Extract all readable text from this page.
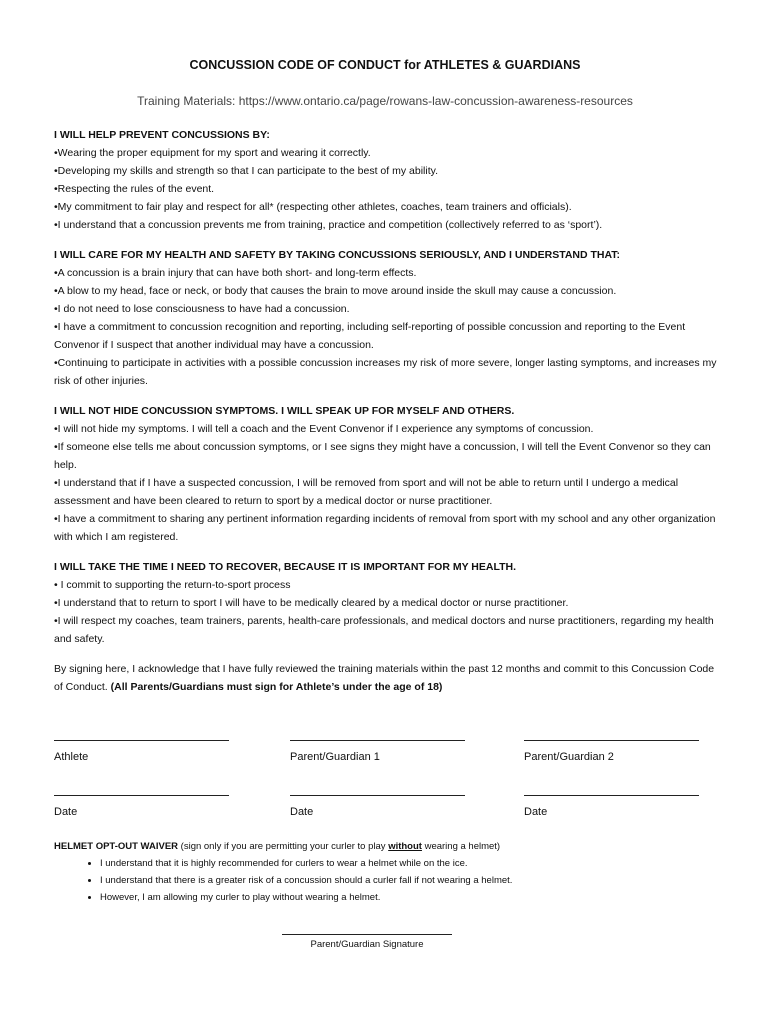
CONCUSSION CODE OF CONDUCT for ATHLETES & GUARDIANS
Training Materials: https://www.ontario.ca/page/rowans-law-concussion-awareness-resources
I WILL HELP PREVENT CONCUSSIONS BY:

•Wearing the proper equipment for my sport and wearing it correctly.

•Developing my skills and strength so that I can participate to the best of my ability.

•Respecting the rules of the event.

•My commitment to fair play and respect for all* (respecting other athletes, coaches, team trainers and officials).

•I understand that a concussion prevents me from training, practice and competition (collectively referred to as ‘sport’).

I WILL CARE FOR MY HEALTH AND SAFETY BY TAKING CONCUSSIONS SERIOUSLY, AND I UNDERSTAND THAT:

•A concussion is a brain injury that can have both short- and long-term effects.

•A blow to my head, face or neck, or body that causes the brain to move around inside the skull may cause a concussion.

•I do not need to lose consciousness to have had a concussion.

•I have a commitment to concussion recognition and reporting, including self-reporting of possible concussion and reporting to the Event Convenor if I suspect that another individual may have a concussion.

•Continuing to participate in activities with a possible concussion increases my risk of more severe, longer lasting symptoms, and increases my risk of other injuries.

I WILL NOT HIDE CONCUSSION SYMPTOMS. I WILL SPEAK UP FOR MYSELF AND OTHERS.

•I will not hide my symptoms. I will tell a coach and the Event Convenor if I experience any symptoms of concussion.

•If someone else tells me about concussion symptoms, or I see signs they might have a concussion, I will tell the Event Convenor so they can help.

•I understand that if I have a suspected concussion, I will be removed from sport and will not be able to return until I undergo a medical assessment and have been cleared to return to sport by a medical doctor or nurse practitioner.

•I have a commitment to sharing any pertinent information regarding incidents of removal from sport with my school and any other organization with which I am registered.

I WILL TAKE THE TIME I NEED TO RECOVER, BECAUSE IT IS IMPORTANT FOR MY HEALTH.

• I commit to supporting the return-to-sport process

•I understand that to return to sport I will have to be medically cleared by a medical doctor or nurse practitioner.

•I will respect my coaches, team trainers, parents, health-care professionals, and medical doctors and nurse practitioners, regarding my health and safety.

By signing here, I acknowledge that I have fully reviewed the training materials within the past 12 months and commit to this Concussion Code of Conduct. (All Parents/Guardians must sign for Athlete’s under the age of 18)

Athlete	Parent/Guardian 1	Parent/Guardian 2
Date	Date	Date
HELMET OPT-OUT WAIVER (sign only if you are permitting your curler to play without wearing a helmet)
• I understand that it is highly recommended for curlers to wear a helmet while on the ice.
• I understand that there is a greater risk of a concussion should a curler fall if not wearing a helmet.
• However, I am allowing my curler to play without wearing a helmet.
Parent/Guardian Signature
